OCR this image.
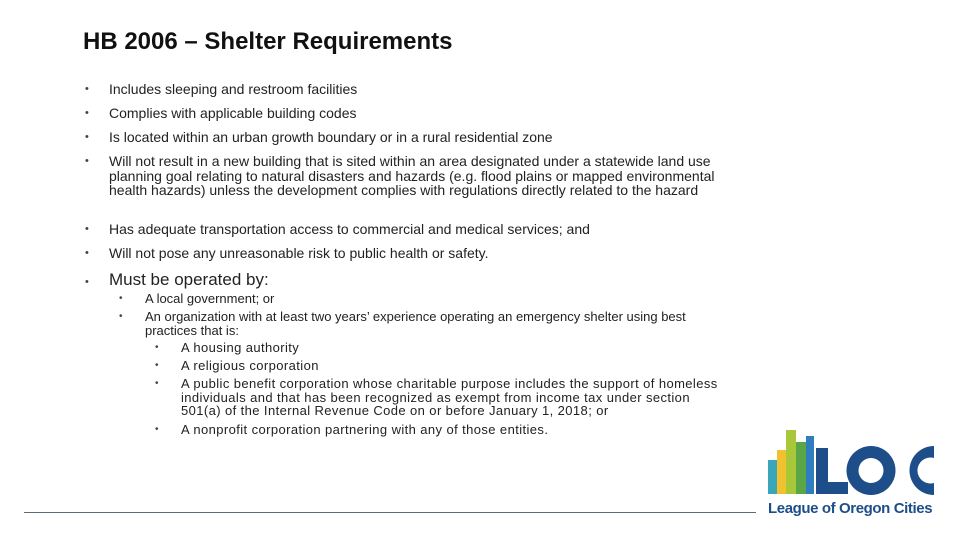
HB 2006 – Shelter Requirements
• Includes sleeping and restroom facilities
• Complies with applicable building codes
• Is located within an urban growth boundary or in a rural residential zone
• Will not result in a new building that is sited within an area designated under a statewide land use planning goal relating to natural disasters and hazards (e.g. flood plains or mapped environmental health hazards) unless the development complies with regulations directly related to the hazard
• Has adequate transportation access to commercial and medical services; and
• Will not pose any unreasonable risk to public health or safety.
• Must be operated by:
• A local government; or
• An organization with at least two years’ experience operating an emergency shelter using best practices that is:
• A housing authority
• A religious corporation
• A public benefit corporation whose charitable purpose includes the support of homeless individuals and that has been recognized as exempt from income tax under section 501(a) of the Internal Revenue Code on or before January 1, 2018; or
• A nonprofit corporation partnering with any of those entities.
League of Oregon Cities
